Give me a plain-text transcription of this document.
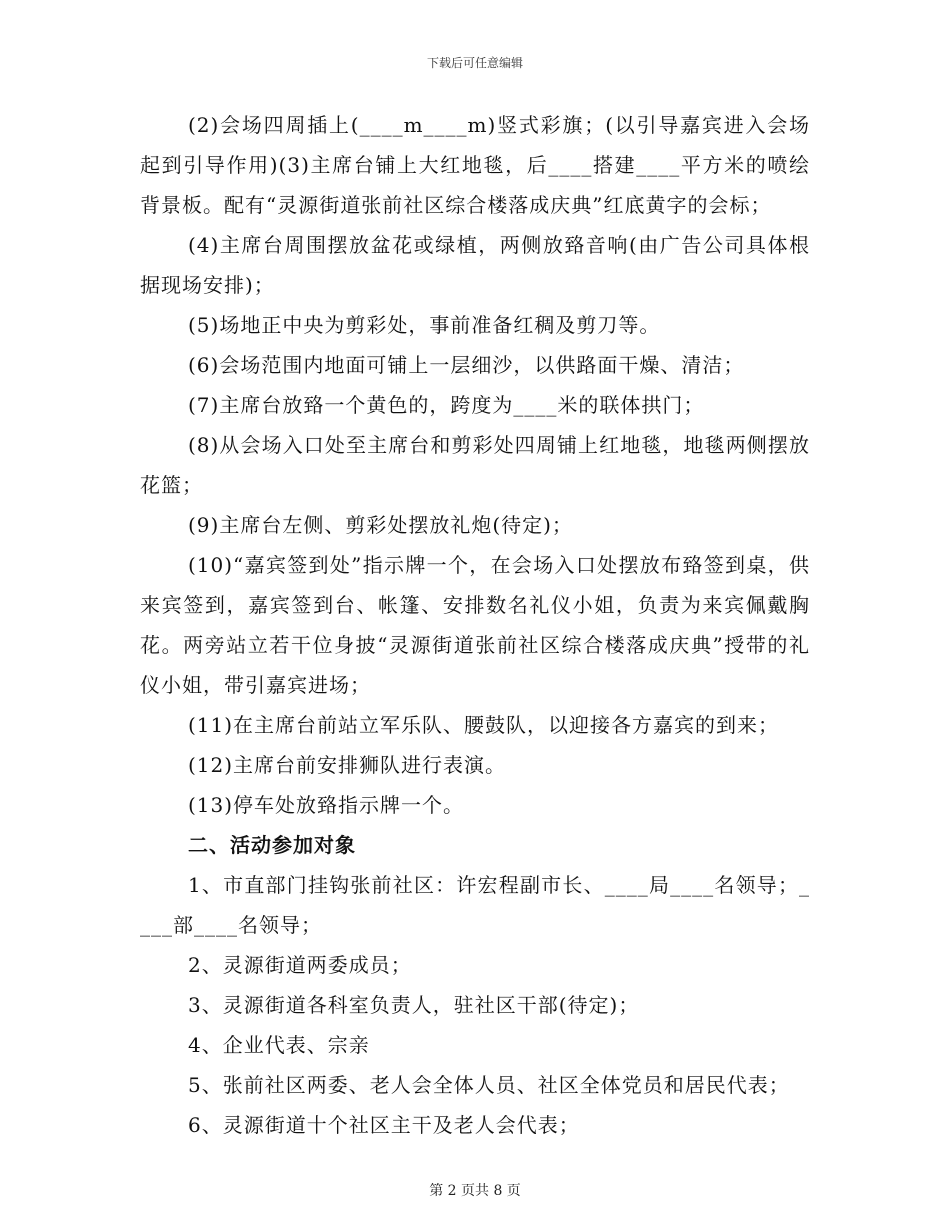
下载后可任意编辑

(2)会场四周插上(____m____m)竖式彩旗；(以引导嘉宾进入会场起到引导作用)(3)主席台铺上大红地毯，后____搭建____平方米的喷绘背景板。配有“灵源街道张前社区综合楼落成庆典”红底黄字的会标；

(4)主席台周围摆放盆花或绿植，两侧放臵音响(由广告公司具体根据现场安排)；

(5)场地正中央为剪彩处，事前准备红稠及剪刀等。

(6)会场范围内地面可铺上一层细沙，以供路面干燥、清洁；

(7)主席台放臵一个黄色的，跨度为____米的联体拱门；

(8)从会场入口处至主席台和剪彩处四周铺上红地毯，地毯两侧摆放花篮；

(9)主席台左侧、剪彩处摆放礼炮(待定)；

(10)“嘉宾签到处”指示牌一个，在会场入口处摆放布臵签到桌，供来宾签到，嘉宾签到台、帐篷、安排数名礼仪小姐，负责为来宾佩戴胸花。两旁站立若干位身披“灵源街道张前社区综合楼落成庆典”授带的礼仪小姐，带引嘉宾进场；

(11)在主席台前站立军乐队、腰鼓队，以迎接各方嘉宾的到来；

(12)主席台前安排狮队进行表演。

(13)停车处放臵指示牌一个。

二、活动参加对象

1、市直部门挂钩张前社区：许宏程副市长、____局____名领导；____部____名领导；

2、灵源街道两委成员；

3、灵源街道各科室负责人，驻社区干部(待定)；

4、企业代表、宗亲

5、张前社区两委、老人会全体人员、社区全体党员和居民代表；

6、灵源街道十个社区主干及老人会代表；

第 2 页共 8 页
